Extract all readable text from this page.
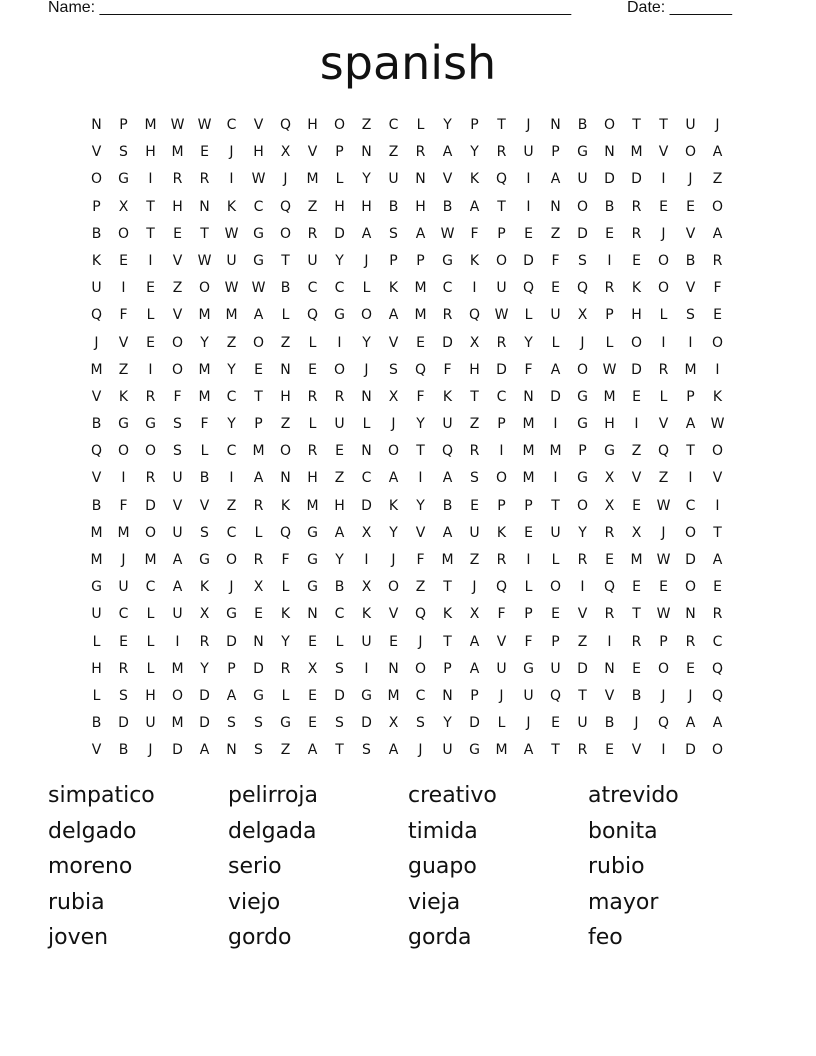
Name: _____________________________________________________	Date: _______
spanish
N P M W W C V Q H O Z C L Y P T J N B O T T U J
V S H M E J H X V P N Z R A Y R U P G N M V O A
O G I R R I W J M L Y U N V K Q I A U D D I J Z
P X T H N K C Q Z H H B H B A T I N O B R E E O
B O T E T W G O R D A S A W F P E Z D E R J V A
K E I V W U G T U Y J P P G K O D F S I E O B R
U I E Z O W W B C C L K M C I U Q E Q R K O V F
Q F L V M M A L Q G O A M R Q W L U X P H L S E
J V E O Y Z O Z L I Y V E D X R Y L J L O I I O
M Z I O M Y E N E O J S Q F H D F A O W D R M I
V K R F M C T H R R N X F K T C N D G M E L P K
B G G S F Y P Z L U L J Y U Z P M I G H I V A W
Q O O S L C M O R E N O T Q R I M M P G Z Q T O
V I R U B I A N H Z C A I A S O M I G X V Z I V
B F D V V Z R K M H D K Y B E P P T O X E W C I
M M O U S C L Q G A X Y V A U K E U Y R X J O T
M J M A G O R F G Y I J F M Z R I L R E M W D A
G U C A K J X L G B X O Z T J Q L O I Q E E O E
U C L U X G E K N C K V Q K X F P E V R T W N R
L E L I R D N Y E L U E J T A V F P Z I R P R C
H R L M Y P D R X S I N O P A U G U D N E O E Q
L S H O D A G L E D G M C N P J U Q T V B J J Q
B D U M D S S G E S D X S Y D L J E U B J Q A A
V B J D A N S Z A T S A J U G M A T R E V I D O
simpatico	pelirroja	creativo	atrevido
delgado	delgada	timida	bonita
moreno	serio	guapo	rubio
rubia	viejo	vieja	mayor
joven	gordo	gorda	feo
